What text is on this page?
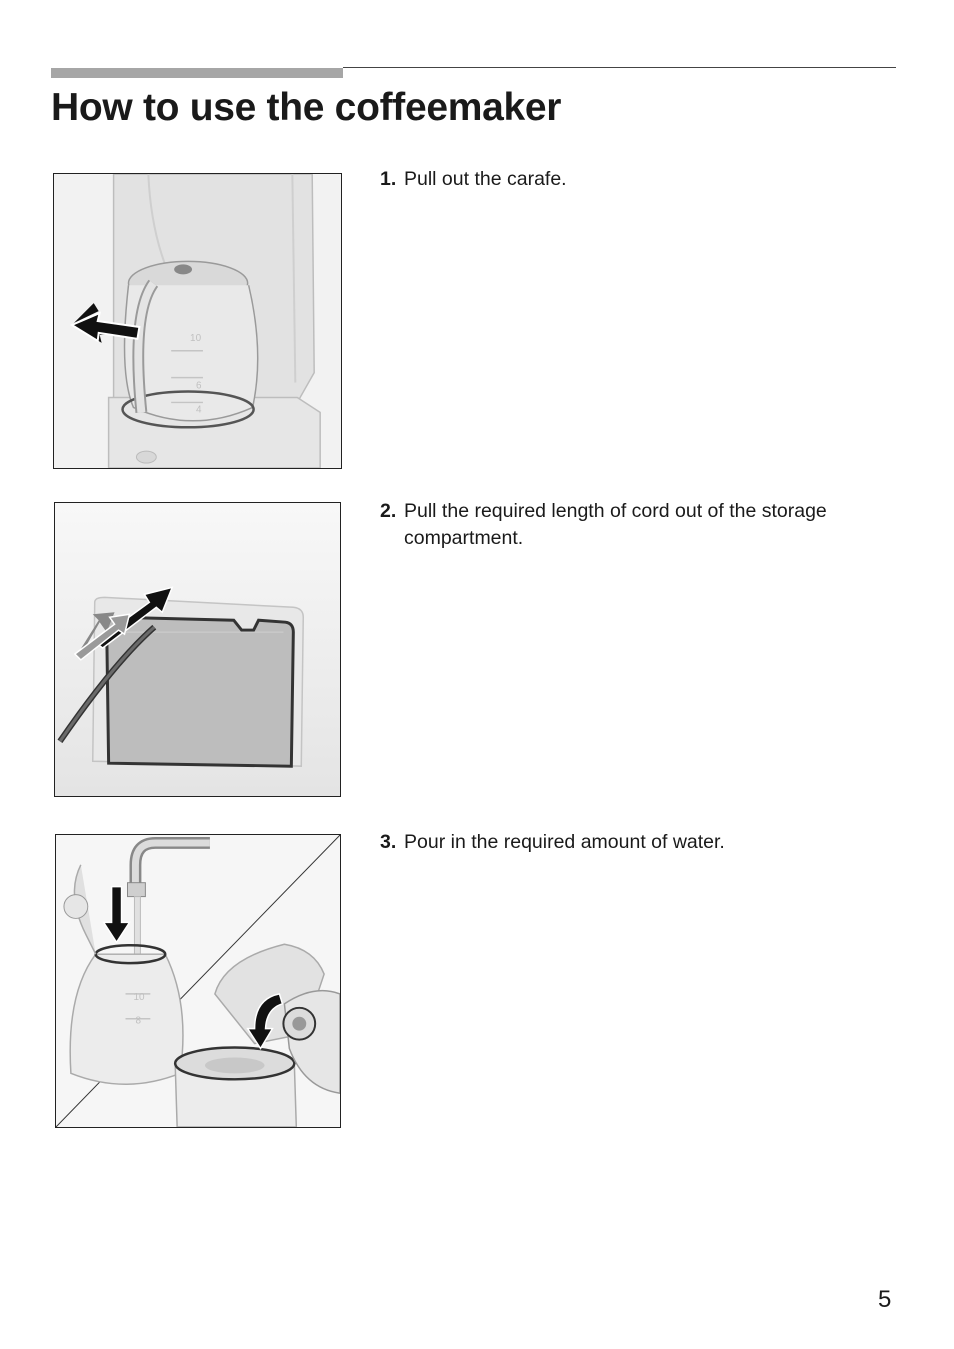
How to use the coffeemaker
10
6
4
1. Pull out the carafe.
2. Pull the required length of cord out of the storage compartment.
10
8
3. Pour in the required amount of water.
5
